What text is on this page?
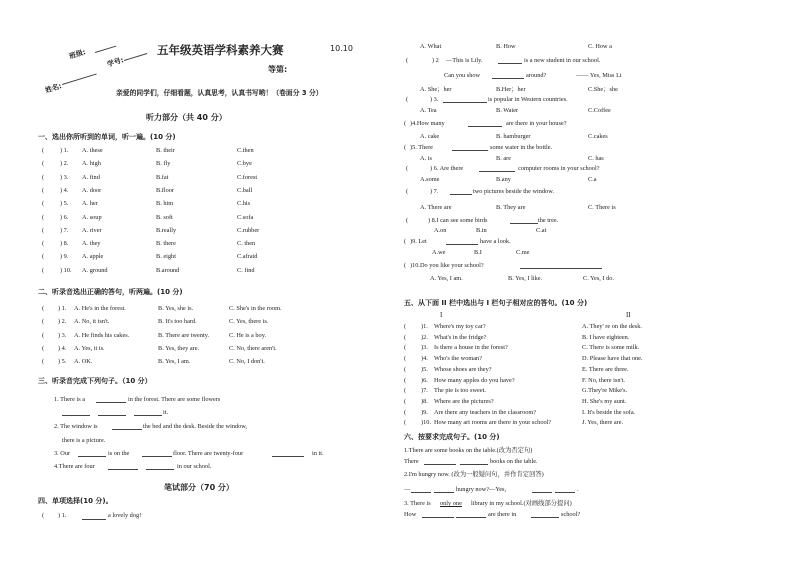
班级:
学号:
姓名:
五年级英语学科素养大赛	10.10
等第:
亲爱的同学们，仔细看题，认真思考，认真书写哟！（卷面分 3 分）
听力部分（共 40 分）
一、选出你所听到的单词，听一遍。(10 分)
(	) 1. A. these	B. their	C.then
(	) 2. A. high	B. fly	C.bye
(	) 3. A. find	B.fat	C.forest
(	) 4. A. door	B.floor	C.ball
(	) 5. A. her	B. him	C.his
(	) 6. A. soup	B. soft	C.sofa
(	) 7. A. river	B.really	C.rubber
(	) 8. A. they	B. there	C. then
(	) 9. A. apple	B. eight	C.afraid
(	) 10. A. ground	B.around	C. find
二、听录音选出正确的答句，听两遍。(10 分)
( ) 1. A. He's in the forest.	B. Yes, she is.	C. She's in the room.
( ) 2. A. No, it isn't.	B. It's too hard.	C. Yes, there is.
( ) 3. A. He finds his cakes.	B. There are twenty.	C. He is a boy.
( ) 4. A. Yes, it is.	B. Yes, they are.	C. No, there aren't.
( ) 5. A. OK.	B. Yes, I am.	C. No, I don't.
三、听录音完成下列句子。（10 分）
1. There is a	in the forest. There are some flowers
it.
2. The window is	the bed and the desk. Beside the window,
there is a picture.
3. Our	is on the	floor. There are twenty-four	in it.
4.There are four	in our school.
笔试部分（70 分）
四、单项选择(10 分)。
( ) 1.	a lovely dog!
A. What	B. How	C. How a
(	) 2 —This is Lily.	is a new student in our school.
Can you show	around?	—— Yes, Miss Li
A. She；her	B.Her；her	C.She；she
(	) 3.	is popular in Western countries.
A. Tea	B. Water	C.Coffee
( )4.How many	are there in your house?
A. cake	B. hamburger	C.cakes
( )5. There	some water in the bottle.
A. is	B. are	C. has
(	) 6. Are there	computer rooms in your school?
A.some	B.any	C.a
(	) 7.	two pictures beside the window.
A. There are	B. They are	C. There is
(	) 8.I can see some birds	the tree.
A.on	B.in	C.at
( )9. Let	have a look.
A.we	B.I	C.me
( )10.Do you like your school?
A. Yes, I am.	B. Yes, I like.	C. Yes, I do.
五、从下面 II 栏中选出与 I 栏句子相对应的答句。(10 分)
I	II
( )1. Where's my toy car?	A. They' re on the desk.
( )2. What's in the fridge?	B. I have eighteen.
( )3. Is there a house in the forest?	C. There is some milk.
( )4. Who's the woman?	D. Please have that one.
( )5. Whose shoes are they?	E. There are three.
( )6. How many apples do you have?	F. No, there isn't.
( )7. The pie is too sweet.	G.They're Mike's.
( )8. Where are the pictures?	H. She's my aunt.
( )9. Are there any teachers in the classroom?	I. It's beside the sofa.
( )10. How many art rooms are there in your school?	J. Yes, there are.
六、按要求完成句子。(10 分)
1.There are some books on the table.(改为否定句)
There	books on the table.
2.I'm hungry now. (改为一般疑问句，并作肯定回答)
—	hungry now?—Yes,	.
3. There is only one library in my school.(对画线部分提问)
How	are there in	school?
